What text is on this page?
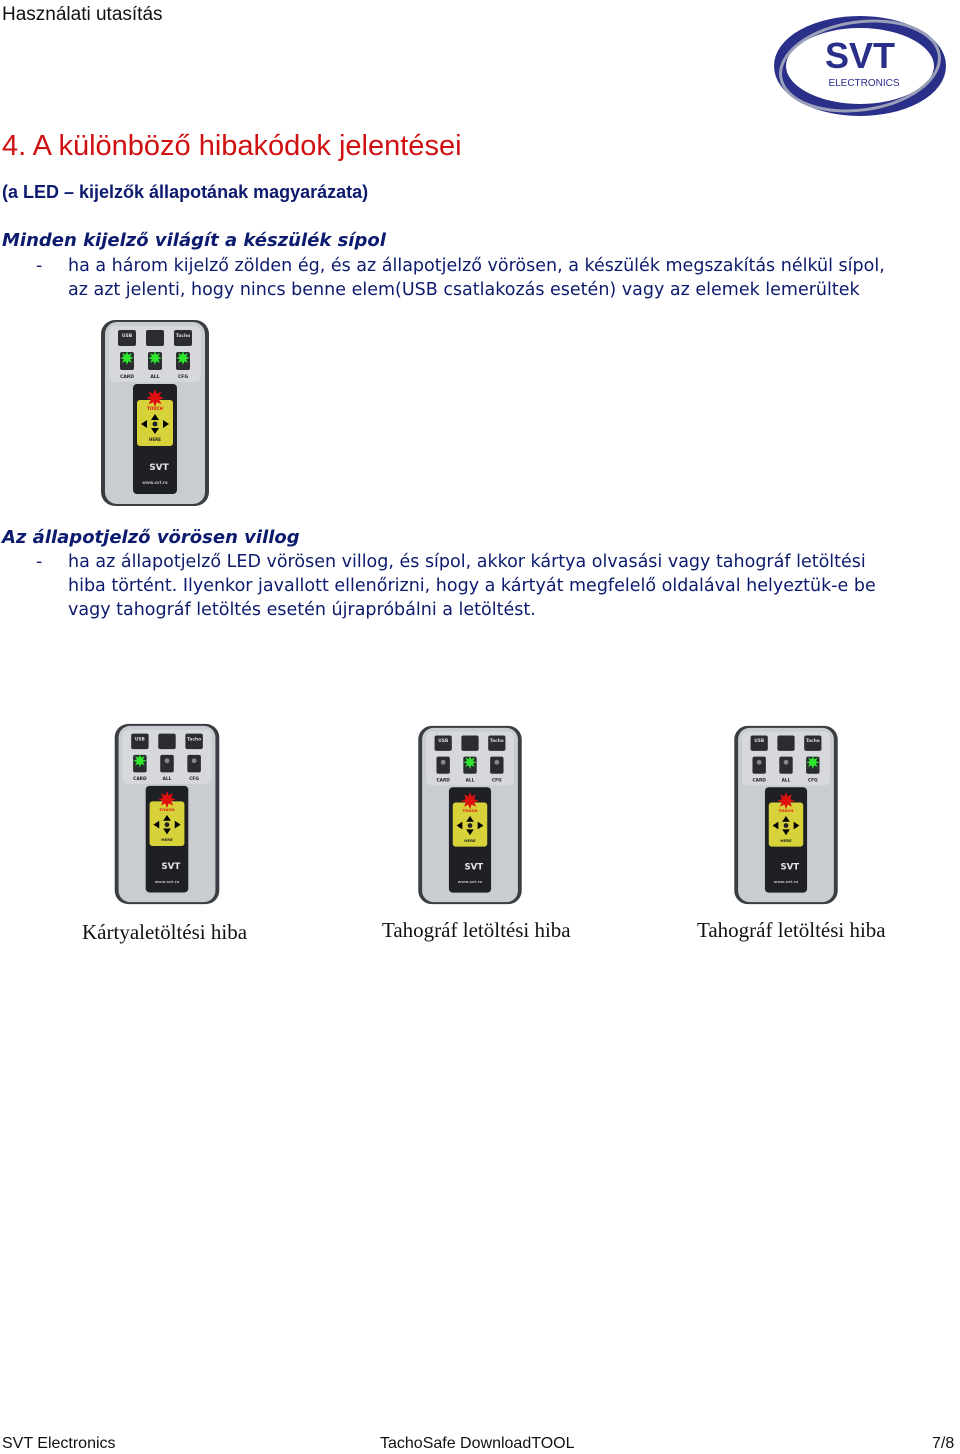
Használati utasítás
SVT
ELECTRONICS
4. A különböző hibakódok jelentései
(a LED – kijelzők állapotának magyarázata)
Minden kijelző világít a készülék sípol
- ha a három kijelző zölden ég, és az állapotjelző vörösen, a készülék megszakítás nélkül sípol,
az azt jelenti, hogy nincs benne elem(USB csatlakozás esetén) vagy az elemek lemerültek
Az állapotjelző vörösen villog
- ha az állapotjelző LED vörösen villog, és sípol, akkor kártya olvasási vagy tahográf letöltési
hiba történt. Ilyenkor javallott ellenőrizni, hogy a kártyát megfelelő oldalával helyeztük-e be
vagy tahográf letöltés esetén újrapróbálni a letöltést.
USB	Tacho
CARD	ALL	CFG
TOUCH
HERE
SVT
www.svt.ro
USB	Tacho
CARD	ALL	CFG
TOUCH
HERE
SVT
www.svt.ro
USB	Tacho
CARD	ALL	CFG
TOUCH
HERE
SVT
www.svt.ro
USB	Tacho
CARD	ALL	CFG
TOUCH
HERE
SVT
www.svt.ro
Kártyaletöltési hiba	Tahográf letöltési hiba	Tahográf letöltési hiba
SVT Electronics	TachoSafe DownloadTOOL	7/8
